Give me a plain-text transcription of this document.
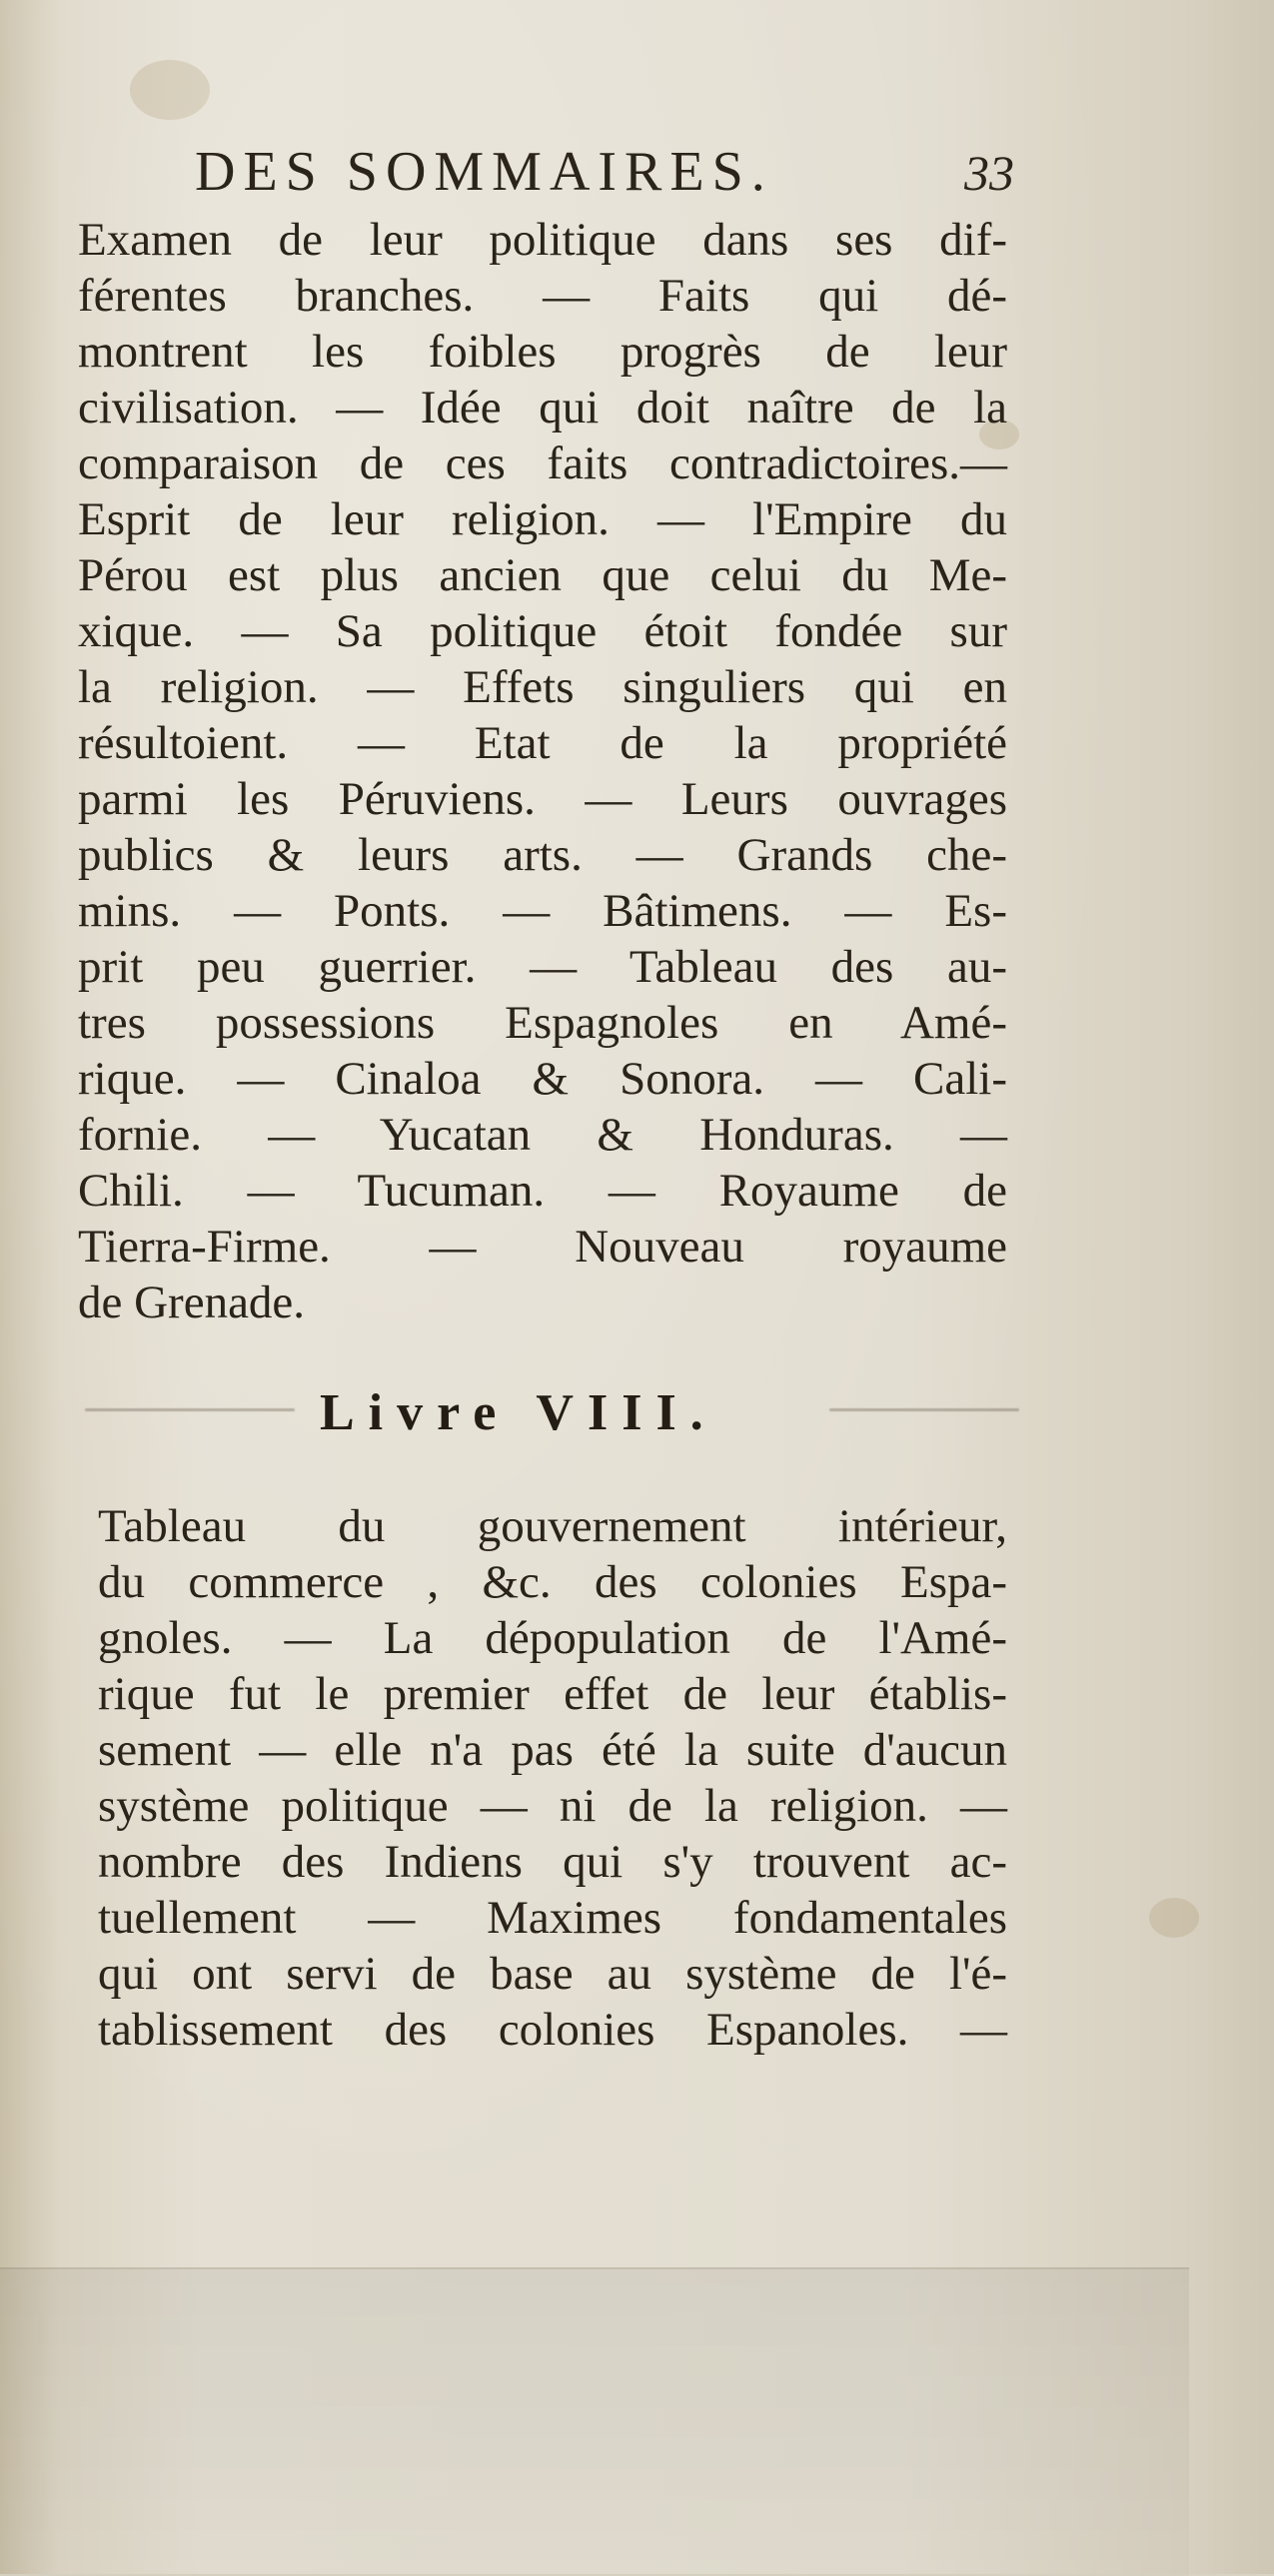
DES SOMMAIRES.	33
Examen de leur politique dans ses dif-
férentes branches. — Faits qui dé-
montrent les foibles progrès de leur
civilisation. — Idée qui doit naître de la
comparaison de ces faits contradictoires.—
Esprit de leur religion. — l'Empire du
Pérou est plus ancien que celui du Me-
xique. — Sa politique étoit fondée sur
la religion. — Effets singuliers qui en
résultoient. — Etat de la propriété
parmi les Péruviens. — Leurs ouvrages
publics & leurs arts. — Grands che-
mins. — Ponts. — Bâtimens. — Es-
prit peu guerrier. — Tableau des au-
tres possessions Espagnoles en Amé-
rique. — Cinaloa & Sonora. — Cali-
fornie. — Yucatan & Honduras. —
Chili. — Tucuman. — Royaume de
Tierra-Firme. — Nouveau royaume
de Grenade.
Livre VIII.
Tableau du gouvernement intérieur,
du commerce , &c. des colonies Espa-
gnoles. — La dépopulation de l'Amé-
rique fut le premier effet de leur établis-
sement — elle n'a pas été la suite d'aucun
système politique — ni de la religion. —
nombre des Indiens qui s'y trouvent ac-
tuellement — Maximes fondamentales
qui ont servi de base au système de l'é-
tablissement des colonies Espanoles. —
